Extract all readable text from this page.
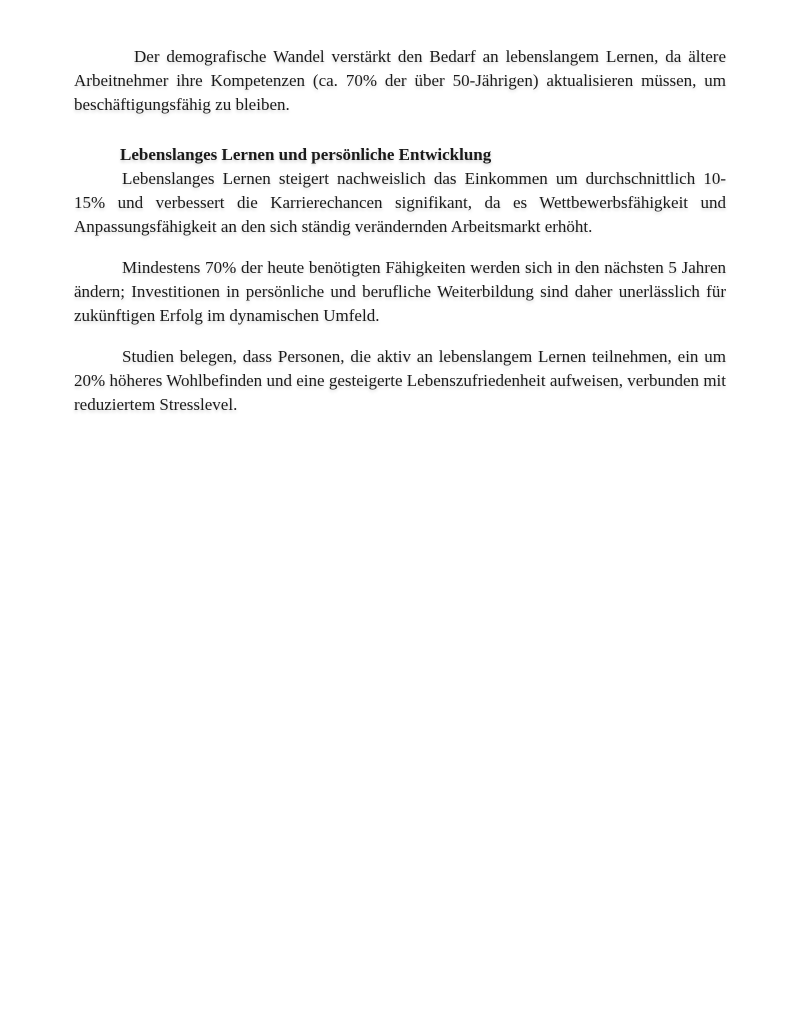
Der demografische Wandel verstärkt den Bedarf an lebenslangem Lernen, da ältere Arbeitnehmer ihre Kompetenzen (ca. 70% der über 50-Jährigen) aktualisieren müssen, um beschäftigungsfähig zu bleiben.

Lebenslanges Lernen und persönliche Entwicklung

Lebenslanges Lernen steigert nachweislich das Einkommen um durchschnittlich 10-15% und verbessert die Karrierechancen signifikant, da es Wettbewerbsfähigkeit und Anpassungsfähigkeit an den sich ständig verändernden Arbeitsmarkt erhöht.

Mindestens 70% der heute benötigten Fähigkeiten werden sich in den nächsten 5 Jahren ändern; Investitionen in persönliche und berufliche Weiterbildung sind daher unerlässlich für zukünftigen Erfolg im dynamischen Umfeld.

Studien belegen, dass Personen, die aktiv an lebenslangem Lernen teilnehmen, ein um 20% höheres Wohlbefinden und eine gesteigerte Lebenszufriedenheit aufweisen, verbunden mit reduziertem Stresslevel.
